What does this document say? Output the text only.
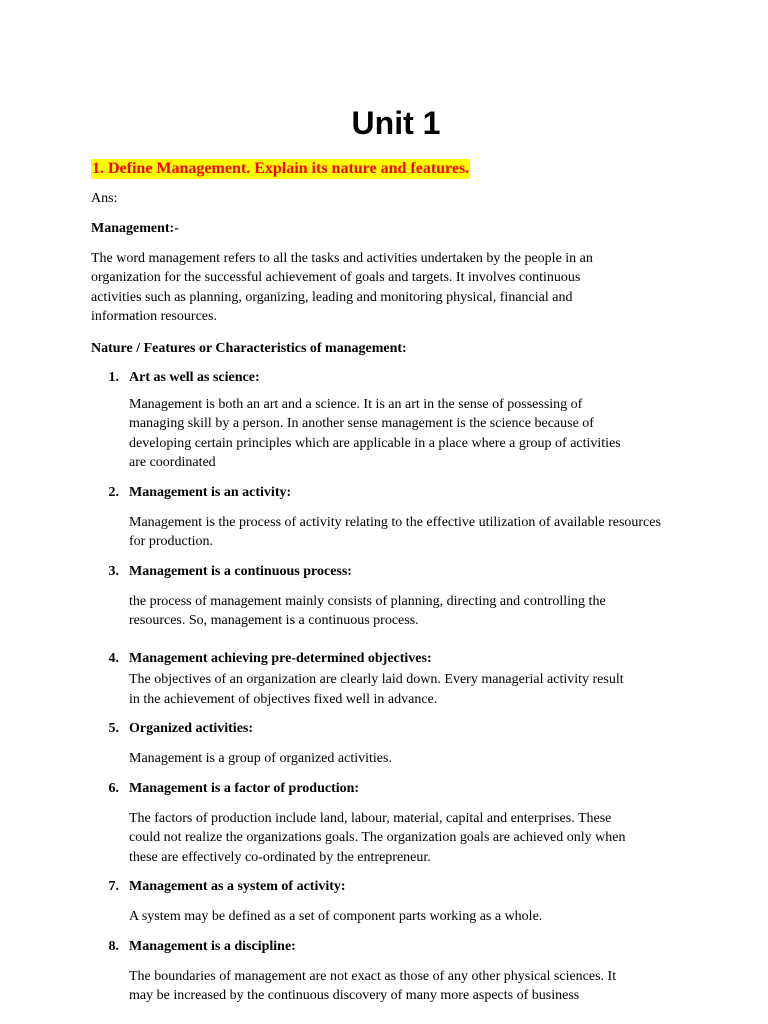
Unit 1
1. Define Management. Explain its nature and features.
Ans:
Management:-
The word management refers to all the tasks and activities undertaken by the people in an
organization for the successful achievement of goals and targets. It involves continuous
activities such as planning, organizing, leading and monitoring physical, financial and
information resources.
Nature / Features or Characteristics of management:
1. Art as well as science:
Management is both an art and a science. It is an art in the sense of possessing of
managing skill by a person. In another sense management is the science because of
developing certain principles which are applicable in a place where a group of activities
are coordinated
2. Management is an activity:
Management is the process of activity relating to the effective utilization of available resources
for production.
3. Management is a continuous process:
the process of management mainly consists of planning, directing and controlling the
resources. So, management is a continuous process.
4. Management achieving pre-determined objectives:
The objectives of an organization are clearly laid down. Every managerial activity result
in the achievement of objectives fixed well in advance.
5. Organized activities:
Management is a group of organized activities.
6. Management is a factor of production:
The factors of production include land, labour, material, capital and enterprises. These
could not realize the organizations goals. The organization goals are achieved only when
these are effectively co-ordinated by the entrepreneur.
7. Management as a system of activity:
A system may be defined as a set of component parts working as a whole.
8. Management is a discipline:
The boundaries of management are not exact as those of any other physical sciences. It
may be increased by the continuous discovery of many more aspects of business
